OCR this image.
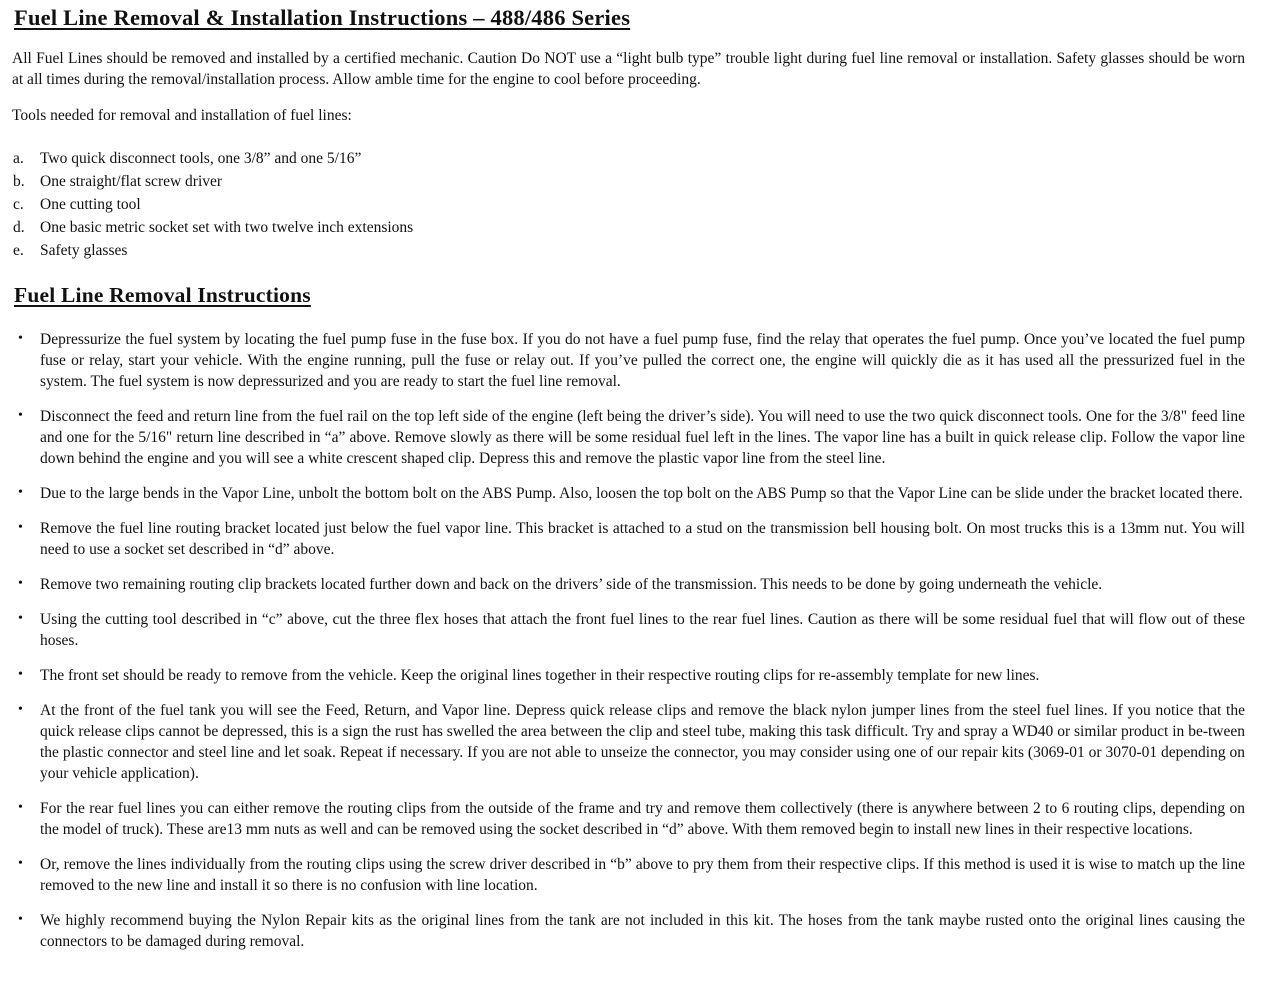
Fuel Line Removal & Installation Instructions – 488/486 Series

All Fuel Lines should be removed and installed by a certified mechanic. Caution Do NOT use a “light bulb type” trouble light during fuel line removal or installation. Safety glasses should be worn at all times during the removal/installation process. Allow amble time for the engine to cool before proceeding.

Tools needed for removal and installation of fuel lines:

a. Two quick disconnect tools, one 3/8” and one 5/16”
b. One straight/flat screw driver
c. One cutting tool
d. One basic metric socket set with two twelve inch extensions
e. Safety glasses
Fuel Line Removal Instructions
• Depressurize the fuel system by locating the fuel pump fuse in the fuse box. If you do not have a fuel pump fuse, find the relay that operates the fuel pump. Once you’ve located the fuel pump fuse or relay, start your vehicle. With the engine running, pull the fuse or relay out. If you’ve pulled the correct one, the engine will quickly die as it has used all the pressurized fuel in the system. The fuel system is now depressurized and you are ready to start the fuel line removal.
• Disconnect the feed and return line from the fuel rail on the top left side of the engine (left being the driver’s side). You will need to use the two quick disconnect tools. One for the 3/8" feed line and one for the 5/16" return line described in “a” above. Remove slowly as there will be some residual fuel left in the lines. The vapor line has a built in quick release clip. Follow the vapor line down behind the engine and you will see a white crescent shaped clip. Depress this and remove the plastic vapor line from the steel line.
• Due to the large bends in the Vapor Line, unbolt the bottom bolt on the ABS Pump. Also, loosen the top bolt on the ABS Pump so that the Vapor Line can be slide under the bracket located there.
• Remove the fuel line routing bracket located just below the fuel vapor line. This bracket is attached to a stud on the transmission bell housing bolt. On most trucks this is a 13mm nut. You will need to use a socket set described in “d” above.
• Remove two remaining routing clip brackets located further down and back on the drivers’ side of the transmission. This needs to be done by going underneath the vehicle.
• Using the cutting tool described in “c” above, cut the three flex hoses that attach the front fuel lines to the rear fuel lines. Caution as there will be some residual fuel that will flow out of these hoses.
• The front set should be ready to remove from the vehicle. Keep the original lines together in their respective routing clips for re-assembly template for new lines.
• At the front of the fuel tank you will see the Feed, Return, and Vapor line. Depress quick release clips and remove the black nylon jumper lines from the steel fuel lines. If you notice that the quick release clips cannot be depressed, this is a sign the rust has swelled the area between the clip and steel tube, making this task difficult. Try and spray a WD40 or similar product in be-tween the plastic connector and steel line and let soak. Repeat if necessary. If you are not able to unseize the connector, you may consider using one of our repair kits (3069-01 or 3070-01 depending on your vehicle application).
• For the rear fuel lines you can either remove the routing clips from the outside of the frame and try and remove them collectively (there is anywhere between 2 to 6 routing clips, depending on the model of truck). These are13 mm nuts as well and can be removed using the socket described in “d” above. With them removed begin to install new lines in their respective locations.
• Or, remove the lines individually from the routing clips using the screw driver described in “b” above to pry them from their respective clips. If this method is used it is wise to match up the line removed to the new line and install it so there is no confusion with line location.
• We highly recommend buying the Nylon Repair kits as the original lines from the tank are not included in this kit. The hoses from the tank maybe rusted onto the original lines causing the connectors to be damaged during removal.
